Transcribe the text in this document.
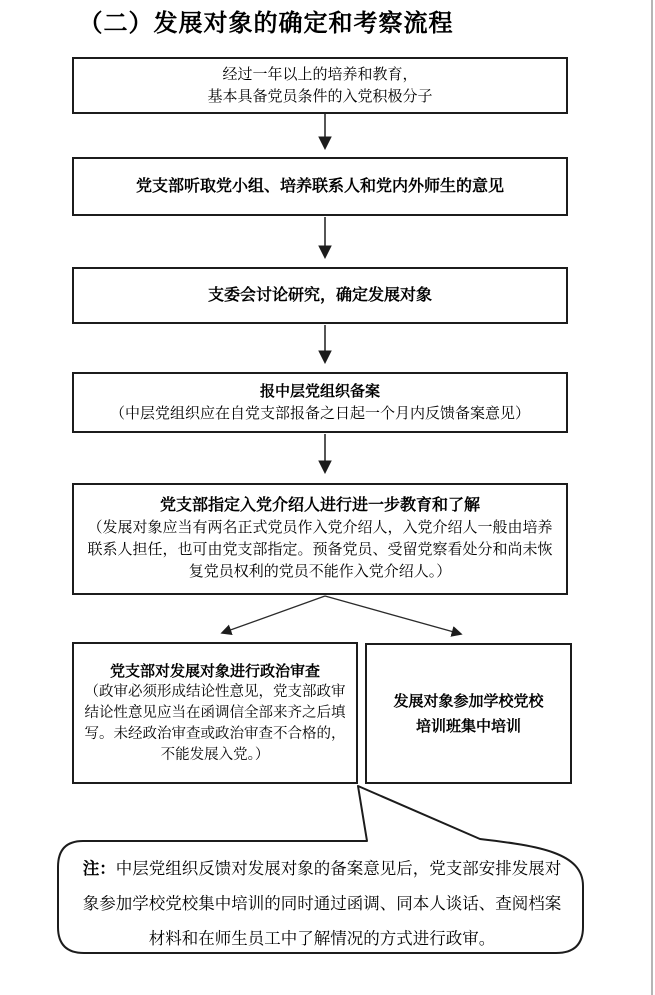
（二）发展对象的确定和考察流程
经过一年以上的培养和教育，
基本具备党员条件的入党积极分子
党支部听取党小组、培养联系人和党内外师生的意见
支委会讨论研究，确定发展对象
报中层党组织备案
（中层党组织应在自党支部报备之日起一个月内反馈备案意见）
党支部指定入党介绍人进行进一步教育和了解
（发展对象应当有两名正式党员作入党介绍人，入党介绍人一般由培养联系人担任，也可由党支部指定。预备党员、受留党察看处分和尚未恢复党员权利的党员不能作入党介绍人。）
党支部对发展对象进行政治审查
（政审必须形成结论性意见，党支部政审结论性意见应当在函调信全部来齐之后填写。未经政治审查或政治审查不合格的，不能发展入党。）
发展对象参加学校党校
培训班集中培训
注：中层党组织反馈对发展对象的备案意见后，党支部安排发展对象参加学校党校集中培训的同时通过函调、同本人谈话、查阅档案材料和在师生员工中了解情况的方式进行政审。
